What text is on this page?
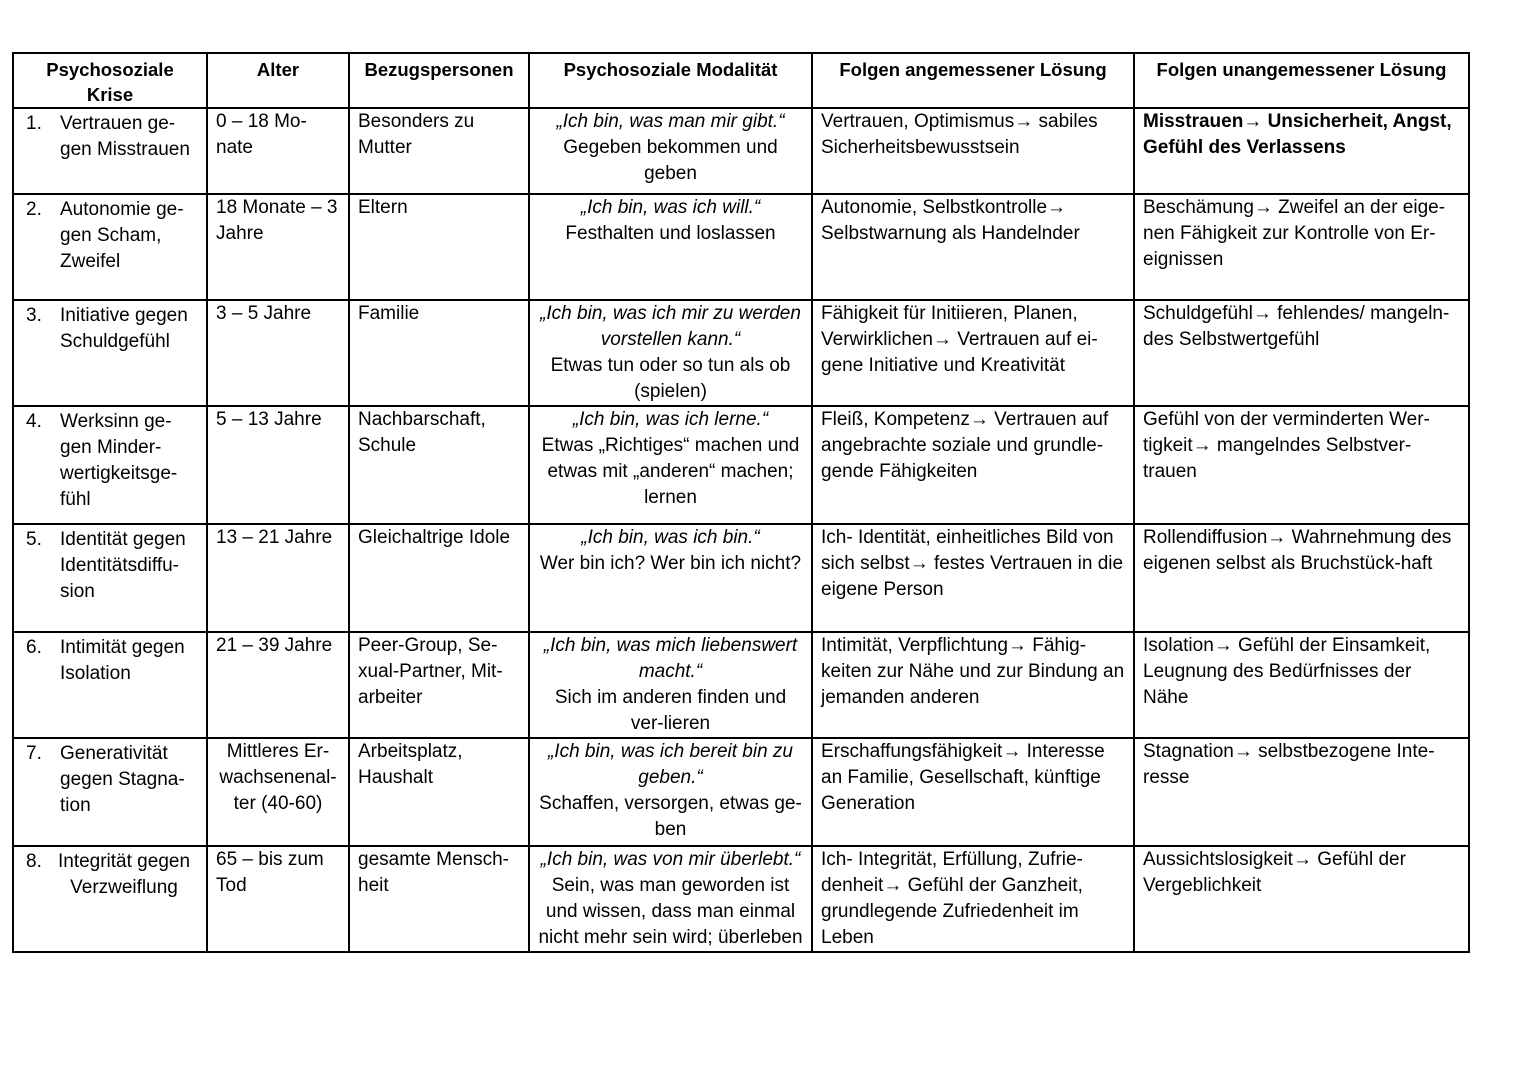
Psychosoziale Krise	Alter	Bezugspersonen	Psychosoziale Modalität	Folgen angemessener Lösung	Folgen unangemessener Lösung

1. Vertrauen ge-gen Misstrauen	0 – 18 Mo-nate	Besonders zu Mutter	„Ich bin, was man mir gibt.“
Gegeben bekommen und geben	Vertrauen, Optimismus→ sabiles Sicherheitsbewusstsein	Misstrauen→ Unsicherheit, Angst, Gefühl des Verlassens

2. Autonomie ge-gen Scham, Zweifel	18 Monate – 3 Jahre	Eltern	„Ich bin, was ich will.“
Festhalten und loslassen	Autonomie, Selbstkontrolle→ Selbstwarnung als Handelnder	Beschämung→ Zweifel an der eige-nen Fähigkeit zur Kontrolle von Er-eignissen

3. Initiative gegen Schuldgefühl	3 – 5 Jahre	Familie	„Ich bin, was ich mir zu werden vorstellen kann.“
Etwas tun oder so tun als ob (spielen)	Fähigkeit für Initiieren, Planen, Verwirklichen→ Vertrauen auf ei-gene Initiative und Kreativität	Schuldgefühl→ fehlendes/ mangeln-des Selbstwertgefühl

4. Werksinn ge-gen Minder-wertigkeitsge-fühl	5 – 13 Jahre	Nachbarschaft, Schule	„Ich bin, was ich lerne.“
Etwas „Richtiges“ machen und etwas mit „anderen“ machen; lernen	Fleiß, Kompetenz→ Vertrauen auf angebrachte soziale und grundle-gende Fähigkeiten	Gefühl von der verminderten Wer-tigkeit→ mangelndes Selbstver-trauen

5. Identität gegen Identitätsdiffu-sion	13 – 21 Jahre	Gleichaltrige Idole	„Ich bin, was ich bin.“
Wer bin ich? Wer bin ich nicht?	Ich- Identität, einheitliches Bild von sich selbst→ festes Vertrauen in die eigene Person	Rollendiffusion→ Wahrnehmung des eigenen selbst als Bruchstück-haft

6. Intimität gegen Isolation	21 – 39 Jahre	Peer-Group, Se-xual-Partner, Mit-arbeiter	„Ich bin, was mich liebenswert macht.“
Sich im anderen finden und ver-lieren	Intimität, Verpflichtung→ Fähig-keiten zur Nähe und zur Bindung an jemanden anderen	Isolation→ Gefühl der Einsamkeit, Leugnung des Bedürfnisses der Nähe

7. Generativität gegen Stagna-tion	Mittleres Er-wachsenenal-ter (40-60)	Arbeitsplatz, Haushalt	„Ich bin, was ich bereit bin zu geben.“
Schaffen, versorgen, etwas ge-ben	Erschaffungsfähigkeit→ Interesse an Familie, Gesellschaft, künftige Generation	Stagnation→ selbstbezogene Inte-resse

8. Integrität gegen Verzweiflung	65 – bis zum Tod	gesamte Mensch-heit	„Ich bin, was von mir überlebt.“
Sein, was man geworden ist und wissen, dass man einmal nicht mehr sein wird; überleben	Ich- Integrität, Erfüllung, Zufrie-denheit→ Gefühl der Ganzheit, grundlegende Zufriedenheit im Leben	Aussichtslosigkeit→ Gefühl der Vergeblichkeit
